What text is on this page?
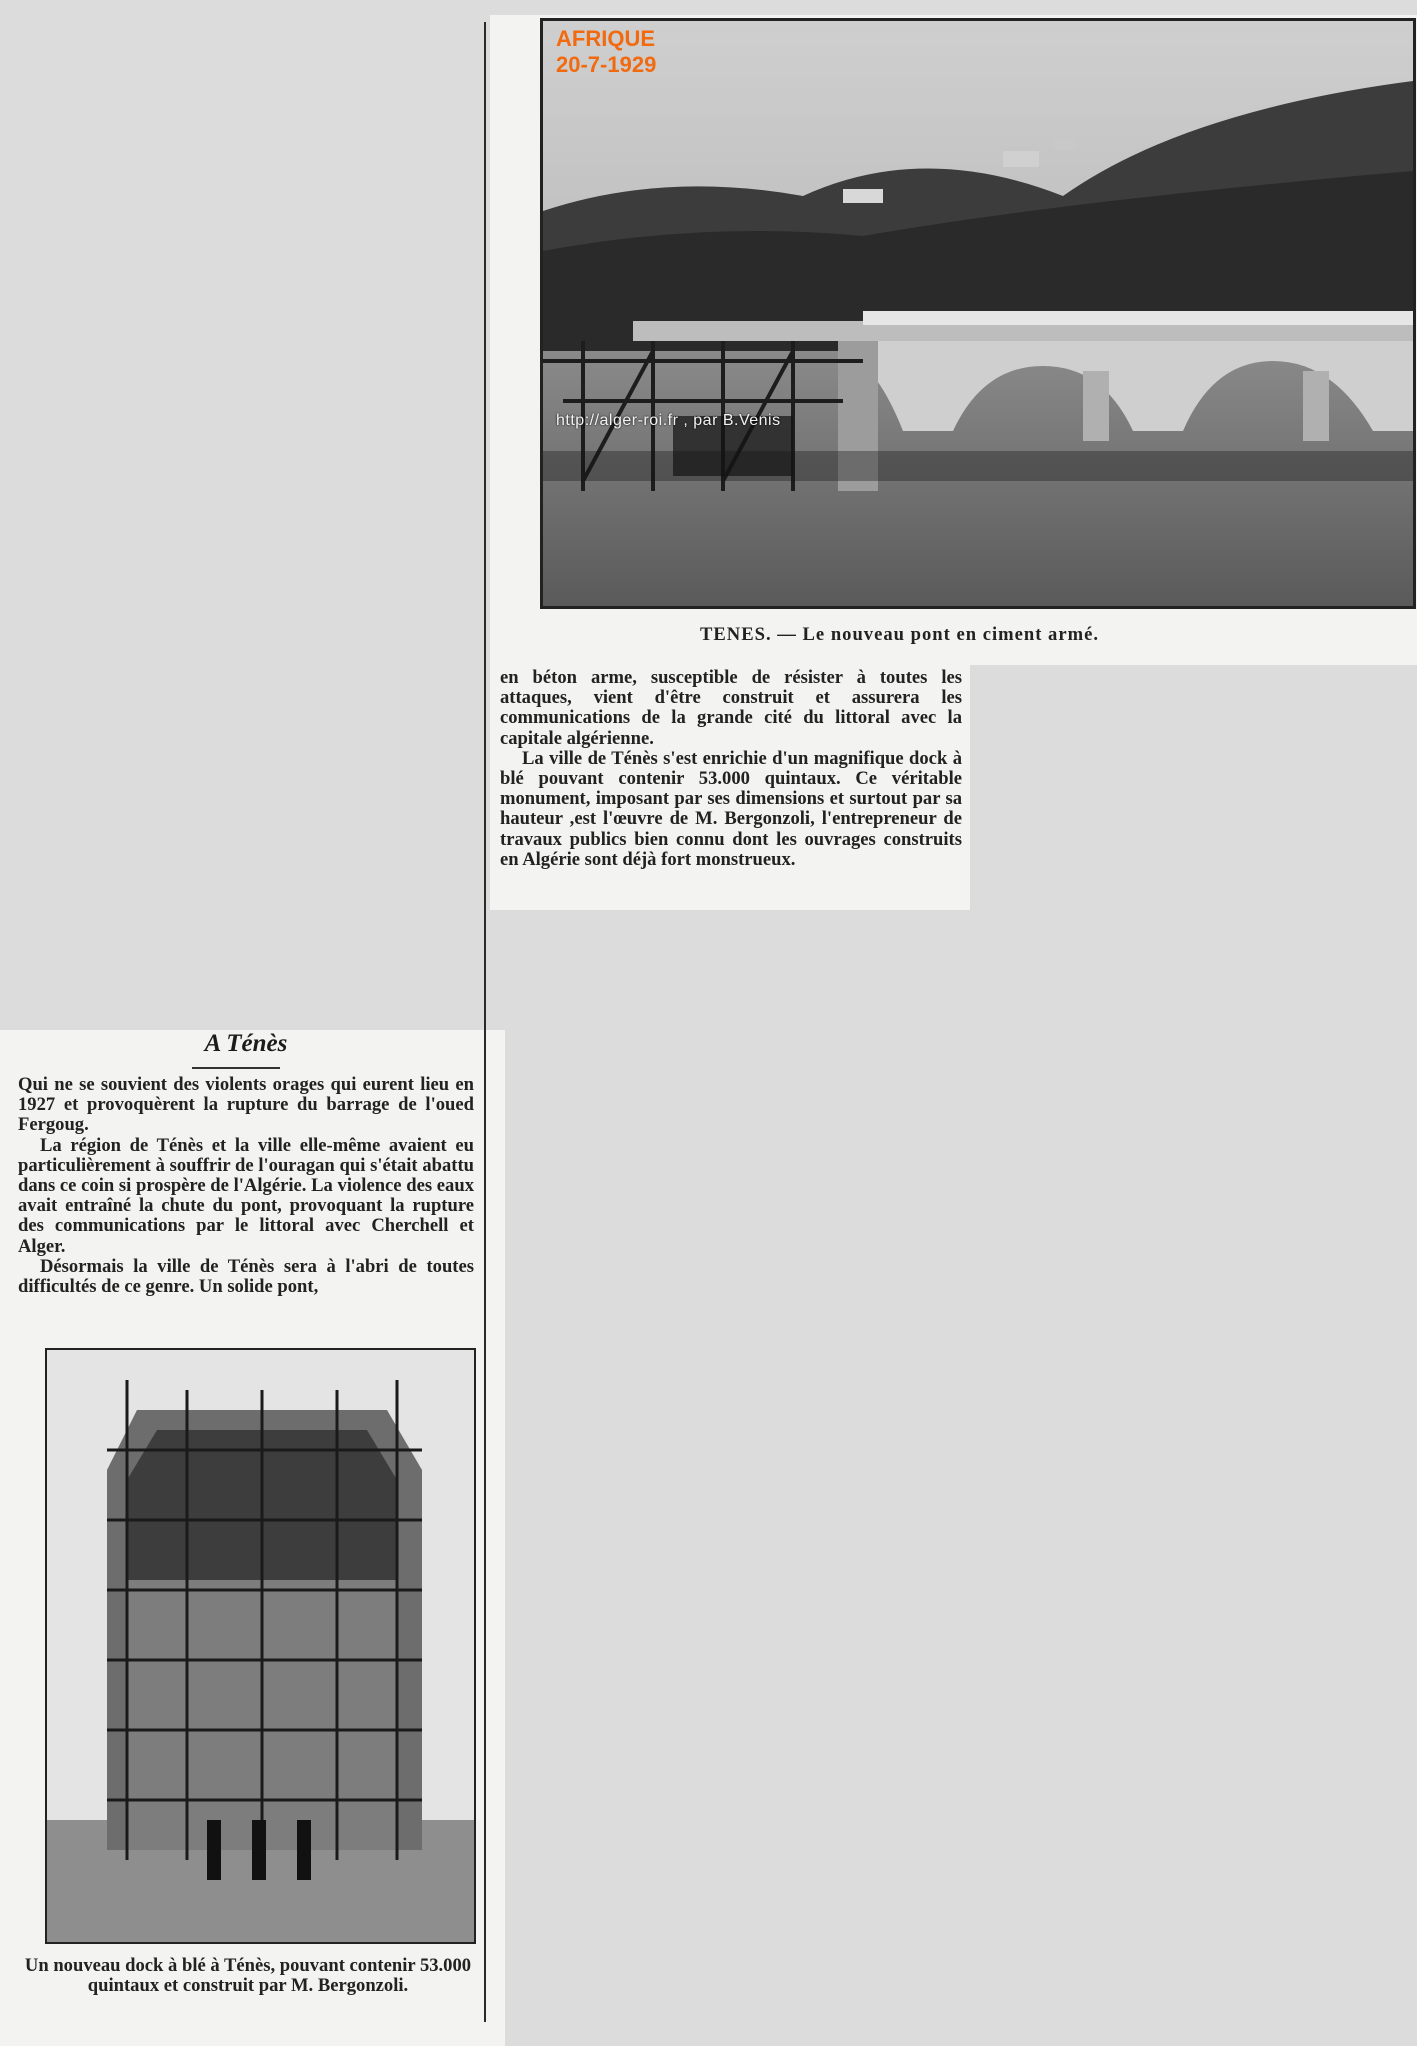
AFRIQUE
20-7-1929
http://alger-roi.fr , par B.Venis
TENES. — Le nouveau pont en ciment armé.

en béton arme, susceptible de résister à toutes les attaques, vient d'être construit et assurera les communications de la grande cité du littoral avec la capitale algérienne.

La ville de Ténès s'est enrichie d'un magnifique dock à blé pouvant contenir 53.000 quintaux. Ce véritable monument, imposant par ses dimensions et surtout par sa hauteur ,est l'œuvre de M. Bergonzoli, l'entrepreneur de travaux publics bien connu dont les ouvrages construits en Algérie sont déjà fort monstrueux.

A Ténès

Qui ne se souvient des violents orages qui eurent lieu en 1927 et provoquèrent la rupture du barrage de l'oued Fergoug.

La région de Ténès et la ville elle-même avaient eu particulièrement à souffrir de l'ouragan qui s'était abattu dans ce coin si prospère de l'Algérie. La violence des eaux avait entraîné la chute du pont, provoquant la rupture des communications par le littoral avec Cherchell et Alger.

Désormais la ville de Ténès sera à l'abri de toutes difficultés de ce genre. Un solide pont,

Un nouveau dock à blé à Ténès, pouvant contenir 53.000 quintaux et construit par M. Bergonzoli.
